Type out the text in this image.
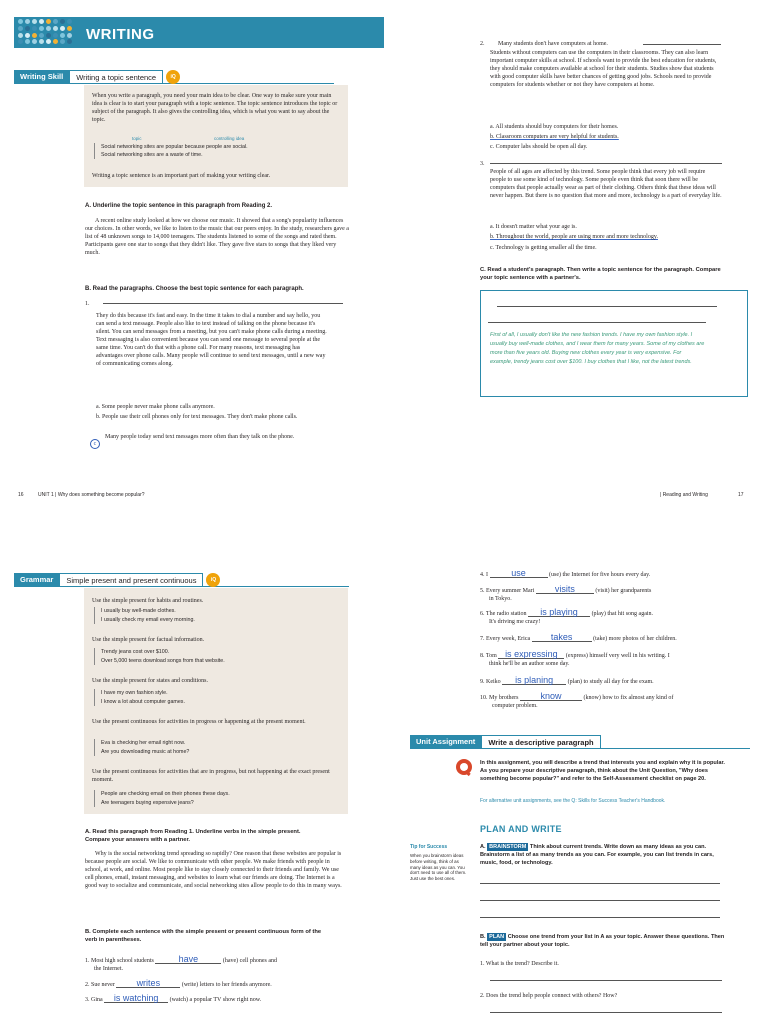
WRITING
Writing Skill	Writing a topic sentence	iQ
When you write a paragraph, you need your main idea to be clear. One way to make sure your main idea is clear is to start your paragraph with a topic sentence. The topic sentence introduces the topic or subject of the paragraph. It also gives the controlling idea, which is what you want to say about the topic.
topic	controlling idea
Social networking sites are popular because people are social.
Social networking sites are a waste of time.
Writing a topic sentence is an important part of making your writing clear.
A. Underline the topic sentence in this paragraph from Reading 2.
A recent online study looked at how we choose our music. It showed that a song's popularity influences our choices. In other words, we like to listen to the music that our peers enjoy. In the study, researchers gave a list of 48 unknown songs to 14,000 teenagers. The students listened to some of the songs and rated them. Participants gave one star to songs that they didn't like. They gave five stars to songs that they liked very much.
B. Read the paragraphs. Choose the best topic sentence for each paragraph.
1.
They do this because it's fast and easy. In the time it takes to dial a number and say hello, you can send a text message. People also like to text instead of talking on the phone because it's silent. You can send messages from a meeting, but you can't make phone calls during a meeting. Text messaging is also convenient because you can send one message to several people at the same time. You can't do that with a phone call. For many reasons, text messaging has advantages over phone calls. Many people will continue to send text messages, until a new way of communicating comes along.
a. Some people never make phone calls anymore.
b. People use their cell phones only for text messages. They don't make phone calls.
c
Many people today send text messages more often than they talk on the phone.
16	UNIT 1 | Why does something become popular?	| Reading and Writing	17
2. Many students don't have computers at home.
Students without computers can use the computers in their classrooms. They can also learn important computer skills at school. If schools want to provide the best education for students, they should make computers available at school for their students. Studies show that students with good computer skills have better chances of getting good jobs. Schools need to provide computers for students whether or not they have computers at home.
a. All students should buy computers for their homes.
b. Classroom computers are very helpful for students.
c. Computer labs should be open all day.
3.
People of all ages are affected by this trend. Some people think that every job will require people to use some kind of technology. Some people even think that soon there will be computers that people actually wear as part of their clothing. Others think that these ideas will never happen. But there is no question that more and more, technology is a part of everyday life.
a. It doesn't matter what your age is.
b. Throughout the world, people are using more and more technology.
c. Technology is getting smaller all the time.
C. Read a student's paragraph. Then write a topic sentence for the paragraph. Compare your topic sentence with a partner's.
First of all, I usually don't like the new fashion trends. I have my own fashion style. I usually buy well-made clothes, and I wear them for many years. Some of my clothes are more than five years old. Buying new clothes every year is very expensive. For example, trendy jeans cost over $100. I buy clothes that I like, not the latest trends.
Grammar	Simple present and present continuous	iQ
Use the simple present for habits and routines.
I usually buy well-made clothes.
I usually check my email every morning.
Use the simple present for factual information.
Trendy jeans cost over $100.
Over 5,000 teens download songs from that website.
Use the simple present for states and conditions.
I have my own fashion style.
I know a lot about computer games.
Use the present continuous for activities in progress or happening at the present moment.
Eva is checking her email right now.
Are you downloading music at home?
Use the present continuous for activities that are in progress, but not happening at the exact present moment.
People are checking email on their phones these days.
Are teenagers buying expensive jeans?
A. Read this paragraph from Reading 1. Underline verbs in the simple present. Compare your answers with a partner.
Why is the social networking trend spreading so rapidly? One reason that these websites are popular is because people are social. We like to communicate with other people. We make friends with people in school, at work, and online. Most people like to stay closely connected to their friends and family. We use cell phones, email, instant messaging, and websites to learn what our friends are doing. The Internet is a good way to socialize and communicate, and social networking sites allow people to do this in many ways.
B. Complete each sentence with the simple present or present continuous form of the verb in parentheses.
1. Most high school students	have	(have) cell phones and
the Internet.
2. Sue never writes	(write) letters to her friends anymore.
3. Gina is watching (watch) a popular TV show right now.
4. I	use	(use) the Internet for five hours every day.
5. Every summer Mari visits	(visit) her grandparents
in Tokyo.
6. The radio station is playing (play) that hit song again.
It's driving me crazy!
7. Every week, Erica takes	(take) more photos of her children.
8. Tom is expressing (express) himself very well in his writing. I
think he'll be an author some day.
9. Keiko is planing (plan) to study all day for the exam.
10. My brothers know	(know) how to fix almost any kind of
computer problem.
Unit Assignment	Write a descriptive paragraph
In this assignment, you will describe a trend that interests you and explain why it is popular. As you prepare your descriptive paragraph, think about the Unit Question, "Why does something become popular?" and refer to the Self-Assessment checklist on page 20.
For alternative unit assignments, see the Q: Skills for Success Teacher's Handbook.
PLAN AND WRITE
Tip for Success
When you brainstorm ideas before writing, think of as many ideas as you can. You don't need to use all of them. Just use the best ones.
A. BRAINSTORM Think about current trends. Write down as many ideas as you can. Brainstorm a list of as many trends as you can. For example, you can list trends in cars, music, food, or technology.
B. PLAN Choose one trend from your list in A as your topic. Answer these questions. Then tell your partner about your topic.
1. What is the trend? Describe it.
2. Does the trend help people connect with others? How?
